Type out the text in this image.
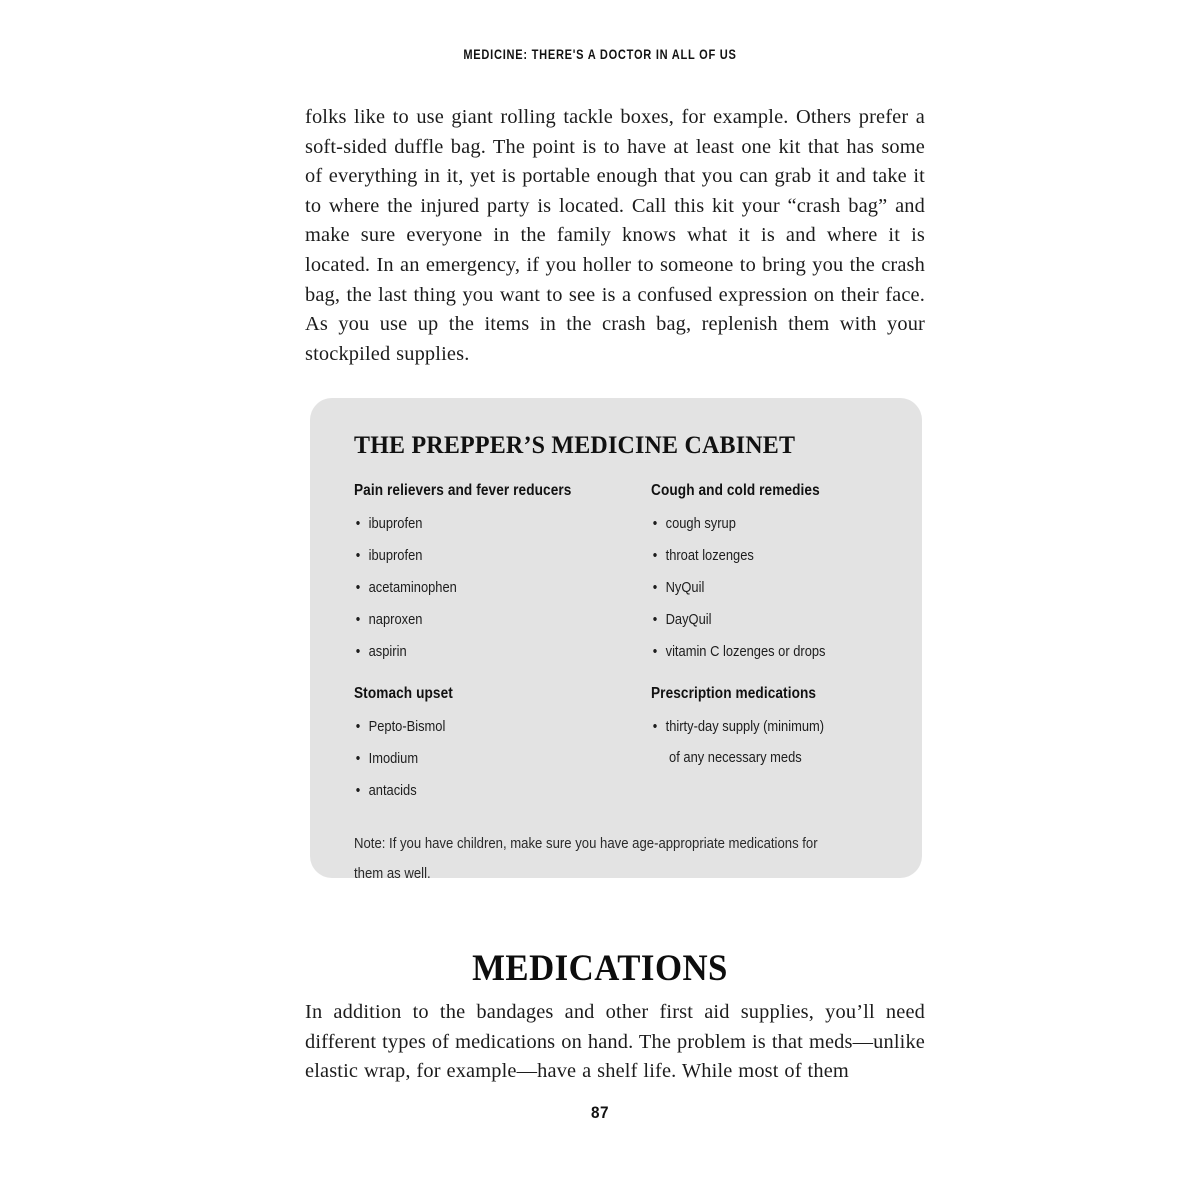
MEDICINE: THERE'S A DOCTOR IN ALL OF US

folks like to use giant rolling tackle boxes, for example. Others prefer a soft-sided duffle bag. The point is to have at least one kit that has some of everything in it, yet is portable enough that you can grab it and take it to where the injured party is located. Call this kit your “crash bag” and make sure everyone in the family knows what it is and where it is located. In an emergency, if you holler to someone to bring you the crash bag, the last thing you want to see is a confused expression on their face. As you use up the items in the crash bag, replenish them with your stockpiled supplies.

THE PREPPER’S MEDICINE CABINET
Pain relievers and fever reducers
• ibuprofen
• ibuprofen
• acetaminophen
• naproxen
• aspirin
Stomach upset
• Pepto-Bismol
• Imodium
• antacids
Cough and cold remedies
• cough syrup
• throat lozenges
• NyQuil
• DayQuil
• vitamin C lozenges or drops
Prescription medications
• thirty-day supply (minimum)
of any necessary meds
Note: If you have children, make sure you have age-appropriate medications for them as well.
MEDICATIONS

In addition to the bandages and other first aid supplies, you’ll need different types of medications on hand. The problem is that meds—unlike elastic wrap, for example—have a shelf life. While most of them

87
